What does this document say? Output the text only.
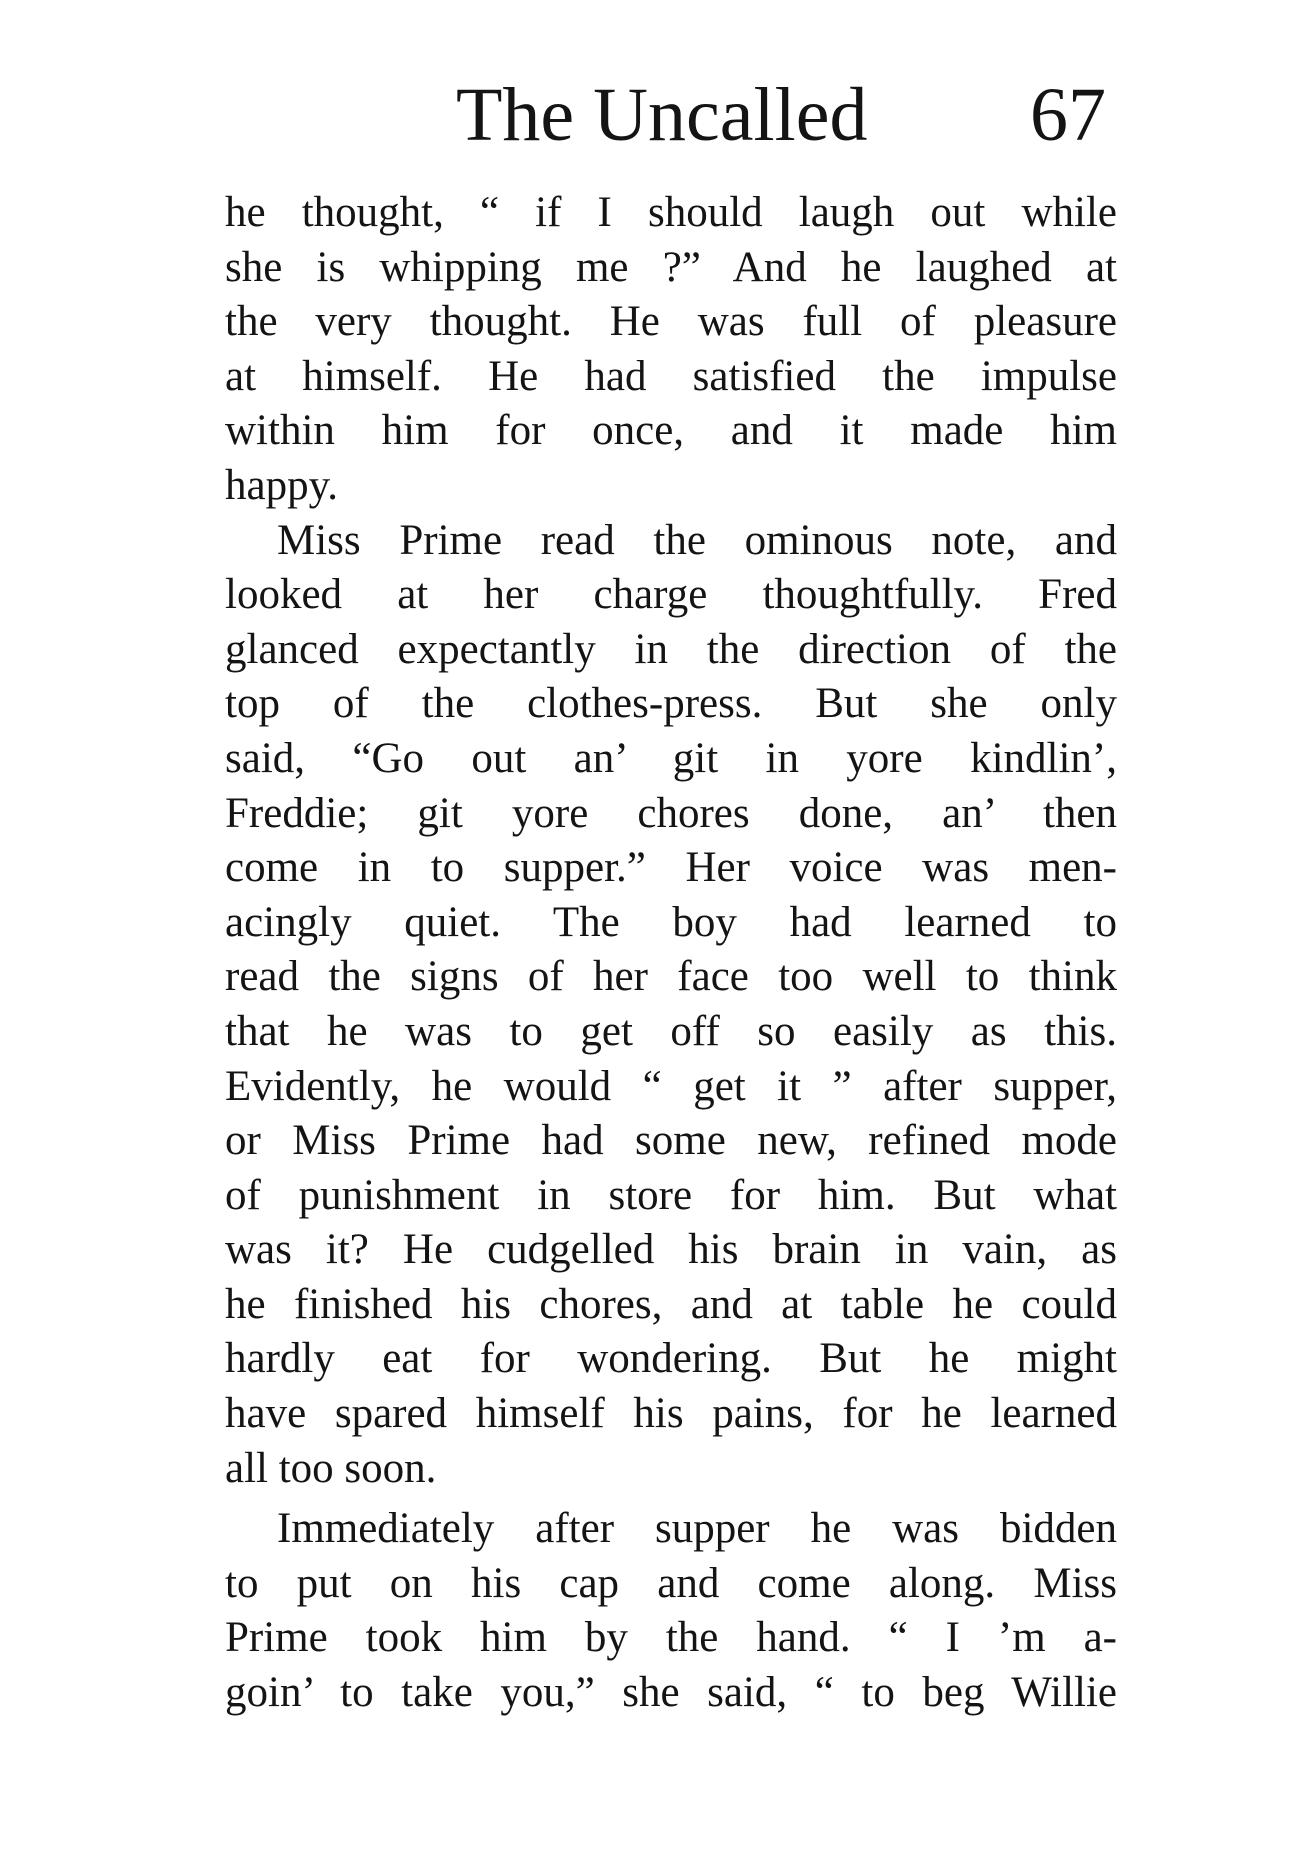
The Uncalled 67
he thought, “ if I should laugh out while
she is whipping me ?” And he laughed at
the very thought. He was full of pleasure
at himself. He had satisfied the impulse
within him for once, and it made him
happy.
Miss Prime read the ominous note, and
looked at her charge thoughtfully. Fred
glanced expectantly in the direction of the
top of the clothes-press. But she only
said, “Go out an’ git in yore kindlin’,
Freddie; git yore chores done, an’ then
come in to supper.” Her voice was men-
acingly quiet. The boy had learned to
read the signs of her face too well to think
that he was to get off so easily as this.
Evidently, he would “ get it ” after supper,
or Miss Prime had some new, refined mode
of punishment in store for him. But what
was it? He cudgelled his brain in vain, as
he finished his chores, and at table he could
hardly eat for wondering. But he might
have spared himself his pains, for he learned
all too soon.
Immediately after supper he was bidden
to put on his cap and come along. Miss
Prime took him by the hand. “ I ’m a-
goin’ to take you,” she said, “ to beg Willie
